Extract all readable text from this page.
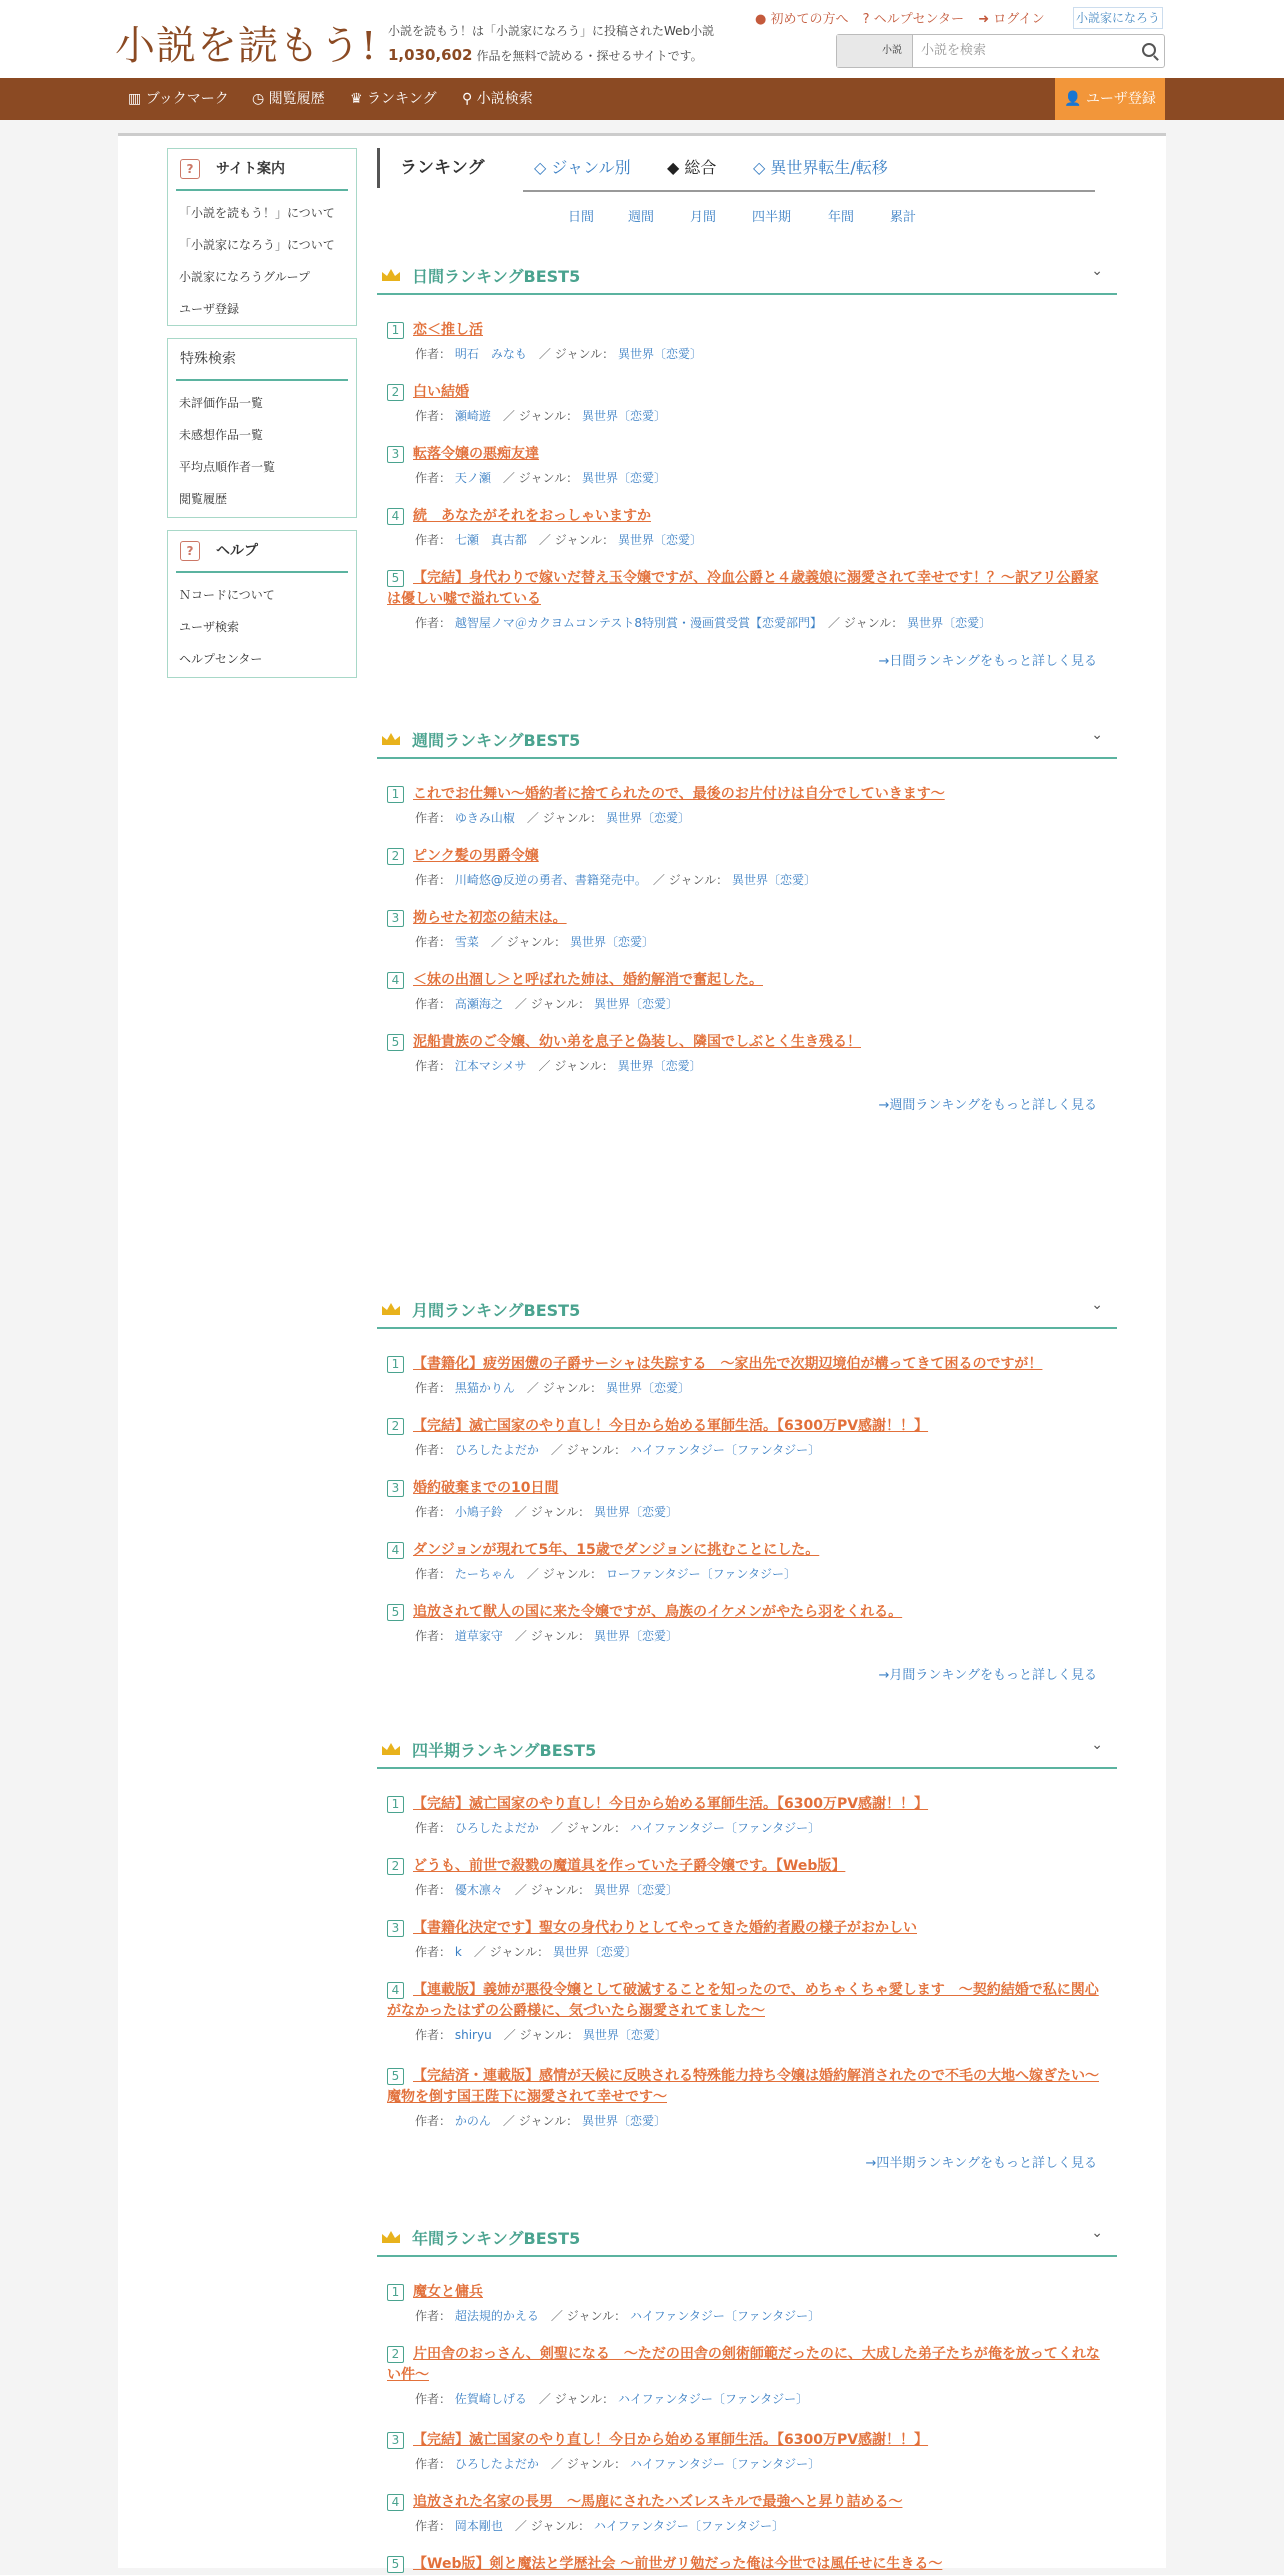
小説を読もう! 小説を読もう！は「小説家になろう」に投稿されたWeb小説
1,030,602 作品を無料で読める・探せるサイトです。
● 初めての方へ ? ヘルプセンター ➜ ログイン	小説家になろう
小説 小説を検索
▥ ブックマーク ◷ 閲覧履歴 ♛ ランキング ⚲ 小説検索	👤 ユーザ登録
?	サイト案内
「小説を読もう！」について
「小説家になろう」について
小説家になろうグループ
ユーザ登録
特殊検索
未評価作品一覧
未感想作品一覧
平均点順作者一覧
閲覧履歴
?	ヘルプ
Ｎコードについて
ユーザ検索
ヘルプセンター
ランキング	◇ ジャンル別 ◆ 総合 ◇ 異世界転生/転移
日間	週間	月間	四半期	年間	累計
日間ランキングBEST5	⌄
週間ランキングBEST5	⌄
月間ランキングBEST5	⌄
四半期ランキングBEST5	⌄
年間ランキングBEST5	⌄
1 恋＜推し活
作者： 明石　みなも　 ／ ジャンル： 異世界〔恋愛〕
2 白い結婚
作者： 瀬崎遊　 ／ ジャンル： 異世界〔恋愛〕
3 転落令嬢の悪痴友達
作者： 天ノ瀬　 ／ ジャンル： 異世界〔恋愛〕
4 続　あなたがそれをおっしゃいますか
作者： 七瀬　真古都　 ／ ジャンル： 異世界〔恋愛〕
5 【完結】身代わりで嫁いだ替え玉令嬢ですが、冷血公爵と４歳義娘に溺愛されて幸せです！？～訳アリ公爵家は優しい嘘で溢れている
作者： 越智屋ノマ＠カクヨムコンテスト8特別賞・漫画賞受賞【恋愛部門】　 ／ ジャンル： 異世界〔恋愛〕
→日間ランキングをもっと詳しく見る
1 これでお仕舞い～婚約者に捨てられたので、最後のお片付けは自分でしていきます～
作者： ゆきみ山椒　 ／ ジャンル： 異世界〔恋愛〕
2 ピンク髪の男爵令嬢
作者： 川崎悠@反逆の勇者、書籍発売中。　 ／ ジャンル： 異世界〔恋愛〕
3 拗らせた初恋の結末は。
作者： 雪菜　 ／ ジャンル： 異世界〔恋愛〕
4 ＜妹の出涸し＞と呼ばれた姉は、婚約解消で奮起した。
作者： 高瀬海之　 ／ ジャンル： 異世界〔恋愛〕
5 泥船貴族のご令嬢、幼い弟を息子と偽装し、隣国でしぶとく生き残る！
作者： 江本マシメサ　 ／ ジャンル： 異世界〔恋愛〕
→週間ランキングをもっと詳しく見る
1 【書籍化】疲労困憊の子爵サーシャは失踪する　～家出先で次期辺境伯が構ってきて困るのですが！
作者： 黒猫かりん　 ／ ジャンル： 異世界〔恋愛〕
2 【完結】滅亡国家のやり直し！今日から始める軍師生活。【6300万PV感謝！！】
作者： ひろしたよだか　 ／ ジャンル： ハイファンタジー〔ファンタジー〕
3 婚約破棄までの10日間
作者： 小鳩子鈴　 ／ ジャンル： 異世界〔恋愛〕
4 ダンジョンが現れて5年、15歳でダンジョンに挑むことにした。
作者： たーちゃん　 ／ ジャンル： ローファンタジー〔ファンタジー〕
5 追放されて獣人の国に来た令嬢ですが、鳥族のイケメンがやたら羽をくれる。
作者： 道草家守　 ／ ジャンル： 異世界〔恋愛〕
→月間ランキングをもっと詳しく見る
1 【完結】滅亡国家のやり直し！今日から始める軍師生活。【6300万PV感謝！！】
作者： ひろしたよだか　 ／ ジャンル： ハイファンタジー〔ファンタジー〕
2 どうも、前世で殺戮の魔道具を作っていた子爵令嬢です。【Web版】
作者： 優木凛々　 ／ ジャンル： 異世界〔恋愛〕
3 【書籍化決定です】聖女の身代わりとしてやってきた婚約者殿の様子がおかしい
作者： k　 ／ ジャンル： 異世界〔恋愛〕
4 【連載版】義姉が悪役令嬢として破滅することを知ったので、めちゃくちゃ愛します　～契約結婚で私に関心がなかったはずの公爵様に、気づいたら溺愛されてました～
作者： shiryu　 ／ ジャンル： 異世界〔恋愛〕
5 【完結済・連載版】感情が天候に反映される特殊能力持ち令嬢は婚約解消されたので不毛の大地へ嫁ぎたい～魔物を倒す国王陛下に溺愛されて幸せです～
作者： かのん　 ／ ジャンル： 異世界〔恋愛〕
→四半期ランキングをもっと詳しく見る
1 魔女と傭兵
作者： 超法規的かえる　 ／ ジャンル： ハイファンタジー〔ファンタジー〕
2 片田舎のおっさん、剣聖になる　～ただの田舎の剣術師範だったのに、大成した弟子たちが俺を放ってくれない件～
作者： 佐賀崎しげる　 ／ ジャンル： ハイファンタジー〔ファンタジー〕
3 【完結】滅亡国家のやり直し！今日から始める軍師生活。【6300万PV感謝！！】
作者： ひろしたよだか　 ／ ジャンル： ハイファンタジー〔ファンタジー〕
4 追放された名家の長男　～馬鹿にされたハズレスキルで最強へと昇り詰める～
作者： 岡本剛也　 ／ ジャンル： ハイファンタジー〔ファンタジー〕
5 【Web版】剣と魔法と学歴社会 ～前世ガリ勉だった俺は今世では風任せに生きる～
